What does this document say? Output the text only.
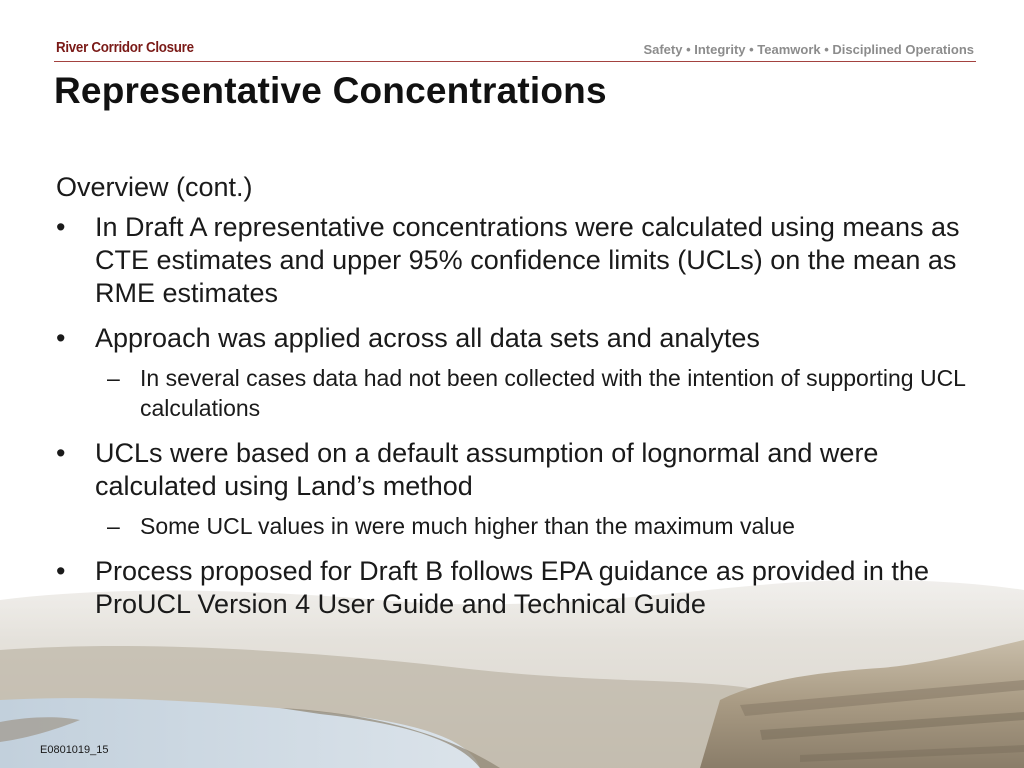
River Corridor Closure	Safety • Integrity • Teamwork • Disciplined Operations
Representative Concentrations
Overview (cont.)
•	In Draft A representative concentrations were calculated using means as CTE estimates and upper 95% confidence limits (UCLs) on the mean as RME estimates
•	Approach was applied across all data sets and analytes
– In several cases data had not been collected with the intention of supporting UCL calculations
•	UCLs were based on a default assumption of lognormal and were calculated using Land’s method
– Some UCL values in were much higher than the maximum value
•	Process proposed for Draft B follows EPA guidance as provided in the ProUCL Version 4 User Guide and Technical Guide
E0801019_15
